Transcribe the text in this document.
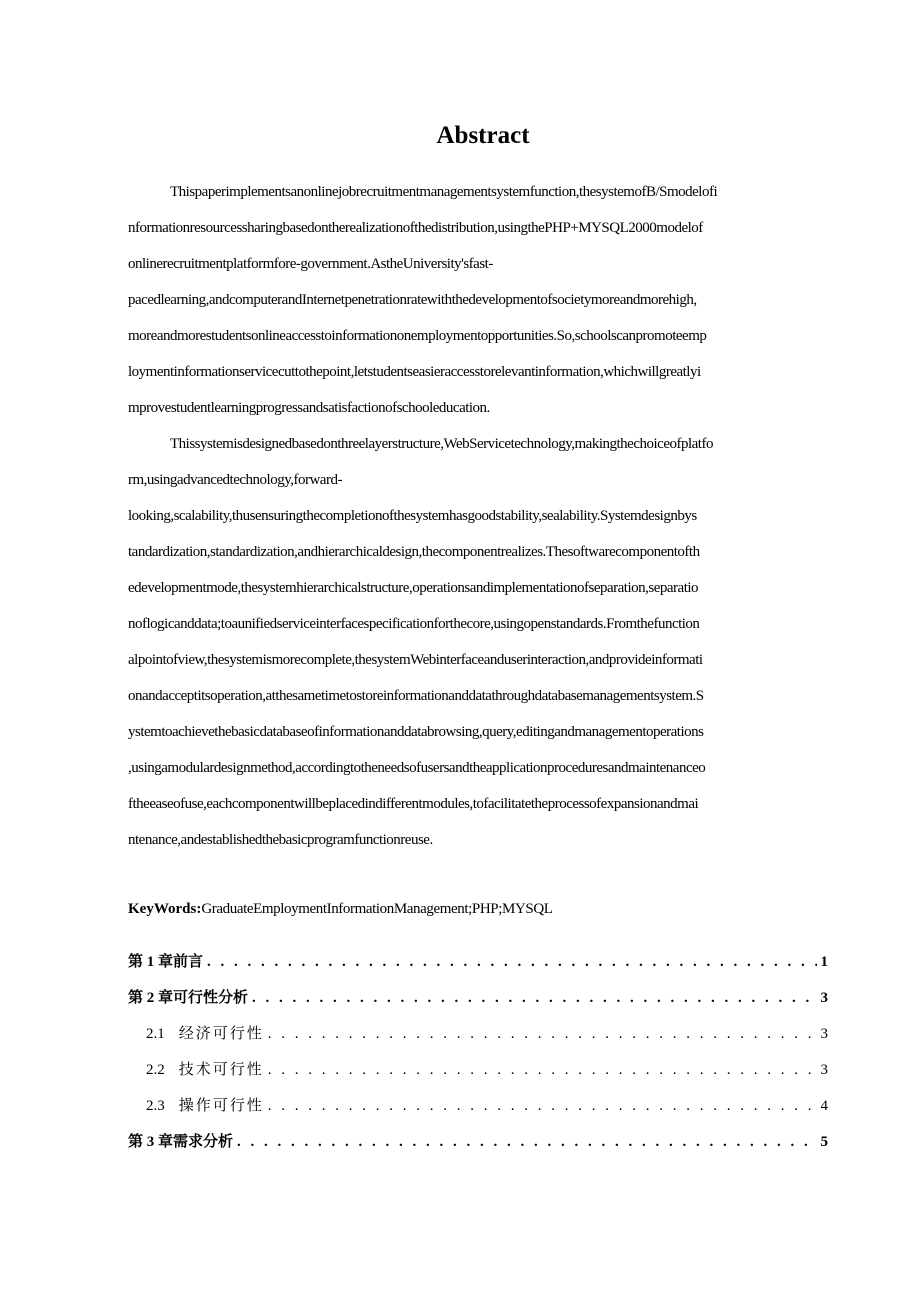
Abstract
Thispaperimplementsanonlinejobrecruitmentmanagementsystemfunction,thesystemofB/Smodelofi
nformationresourcessharingbasedontherealizationofthedistribution,usingthePHP+MYSQL2000modelof
onlinerecruitmentplatformfore-government.AstheUniversity'sfast-
pacedlearning,andcomputerandInternetpenetrationratewiththedevelopmentofsocietymoreandmorehigh,
moreandmorestudentsonlineaccesstoinformationonemploymentopportunities.So,schoolscanpromoteemp
loymentinformationservicecuttothepoint,letstudentseasieraccesstorelevantinformation,whichwillgreatlyi
mprovestudentlearningprogressandsatisfactionofschooleducation.
Thissystemisdesignedbasedonthreelayerstructure,WebServicetechnology,makingthechoiceofplatfo
rm,usingadvancedtechnology,forward-
looking,scalability,thusensuringthecompletionofthesystemhasgoodstability,sealability.Systemdesignbys
tandardization,standardization,andhierarchicaldesign,thecomponentrealizes.Thesoftwarecomponentofth
edevelopmentmode,thesystemhierarchicalstructure,operationsandimplementationofseparation,separatio
noflogicanddata;toaunifiedserviceinterfacespecificationforthecore,usingopenstandards.Fromthefunction
alpointofview,thesystemismorecomplete,thesystemWebinterfaceanduserinteraction,andprovideinformati
onandacceptitsoperation,atthesametimetostoreinformationanddatathroughdatabasemanagementsystem.S
ystemtoachievethebasicdatabaseofinformationanddatabrowsing,query,editingandmanagementoperations
,usingamodulardesignmethod,accordingtotheneedsofusersandtheapplicationproceduresandmaintenanceo
ftheeaseofuse,eachcomponentwillbeplacedindifferentmodules,tofacilitatetheprocessofexpansionandmai
ntenance,andestablishedthebasicprogramfunctionreuse.
KeyWords:GraduateEmploymentInformationManagement;PHP;MYSQL
第 1 章 前言 . . .	1
第 2 章 可行性分析 . . .	3
2.1 经济可行性 . . .	3
2.2 技术可行性 . . .	3
2.3 操作可行性 . . .	4
第 3 章 需求分析 . . .	5
